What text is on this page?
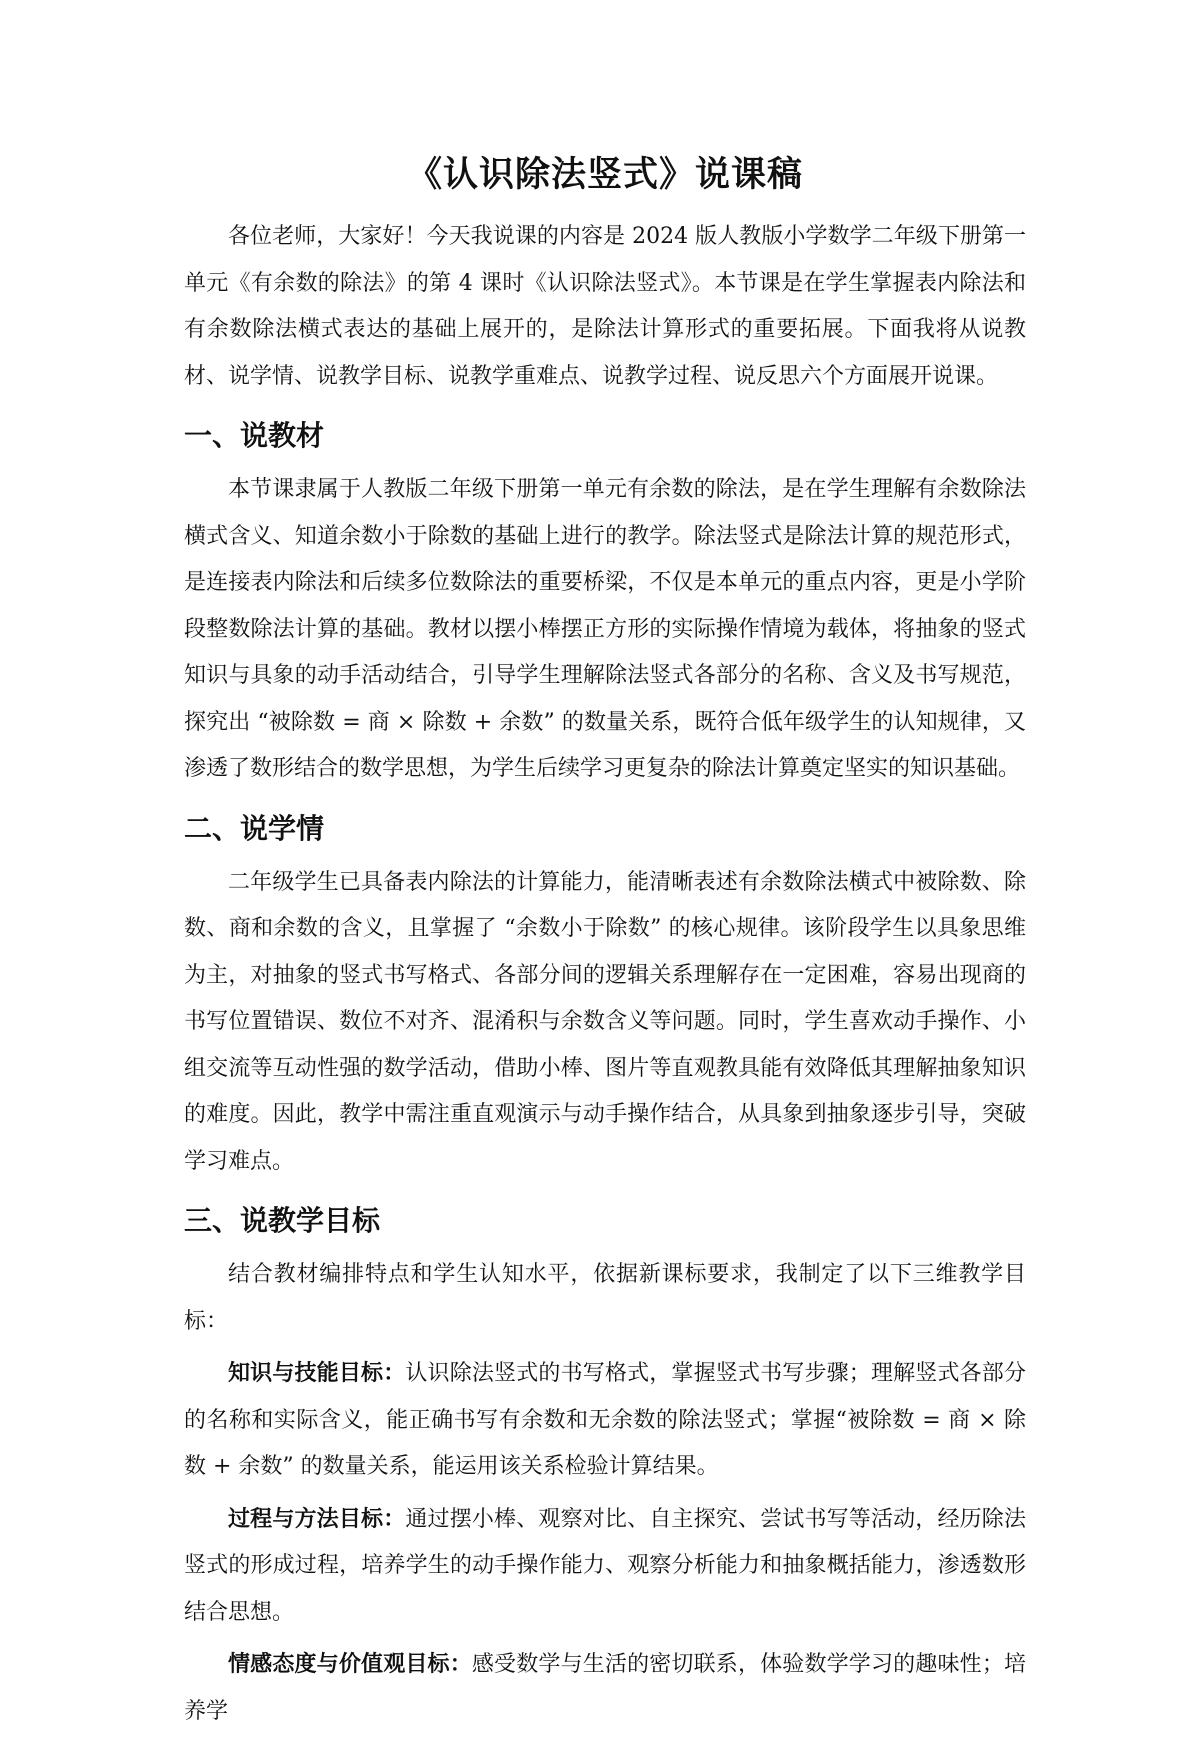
《认识除法竖式》说课稿

各位老师，大家好！今天我说课的内容是 2024 版人教版小学数学二年级下册第一单元《有余数的除法》的第 4 课时《认识除法竖式》。本节课是在学生掌握表内除法和有余数除法横式表达的基础上展开的，是除法计算形式的重要拓展。下面我将从说教材、说学情、说教学目标、说教学重难点、说教学过程、说反思六个方面展开说课。

一、说教材

本节课隶属于人教版二年级下册第一单元有余数的除法，是在学生理解有余数除法横式含义、知道余数小于除数的基础上进行的教学。除法竖式是除法计算的规范形式，是连接表内除法和后续多位数除法的重要桥梁，不仅是本单元的重点内容，更是小学阶段整数除法计算的基础。教材以摆小棒摆正方形的实际操作情境为载体，将抽象的竖式知识与具象的动手活动结合，引导学生理解除法竖式各部分的名称、含义及书写规范，探究出 “被除数 = 商 × 除数 + 余数” 的数量关系，既符合低年级学生的认知规律，又渗透了数形结合的数学思想，为学生后续学习更复杂的除法计算奠定坚实的知识基础。

二、说学情

二年级学生已具备表内除法的计算能力，能清晰表述有余数除法横式中被除数、除数、商和余数的含义，且掌握了 “余数小于除数” 的核心规律。该阶段学生以具象思维为主，对抽象的竖式书写格式、各部分间的逻辑关系理解存在一定困难，容易出现商的书写位置错误、数位不对齐、混淆积与余数含义等问题。同时，学生喜欢动手操作、小组交流等互动性强的数学活动，借助小棒、图片等直观教具能有效降低其理解抽象知识的难度。因此，教学中需注重直观演示与动手操作结合，从具象到抽象逐步引导，突破学习难点。

三、说教学目标

结合教材编排特点和学生认知水平，依据新课标要求，我制定了以下三维教学目标：

知识与技能目标：认识除法竖式的书写格式，掌握竖式书写步骤；理解竖式各部分的名称和实际含义，能正确书写有余数和无余数的除法竖式；掌握“被除数 = 商 × 除数 + 余数” 的数量关系，能运用该关系检验计算结果。

过程与方法目标：通过摆小棒、观察对比、自主探究、尝试书写等活动，经历除法竖式的形成过程，培养学生的动手操作能力、观察分析能力和抽象概括能力，渗透数形结合思想。

情感态度与价值观目标：感受数学与生活的密切联系，体验数学学习的趣味性；培养学
